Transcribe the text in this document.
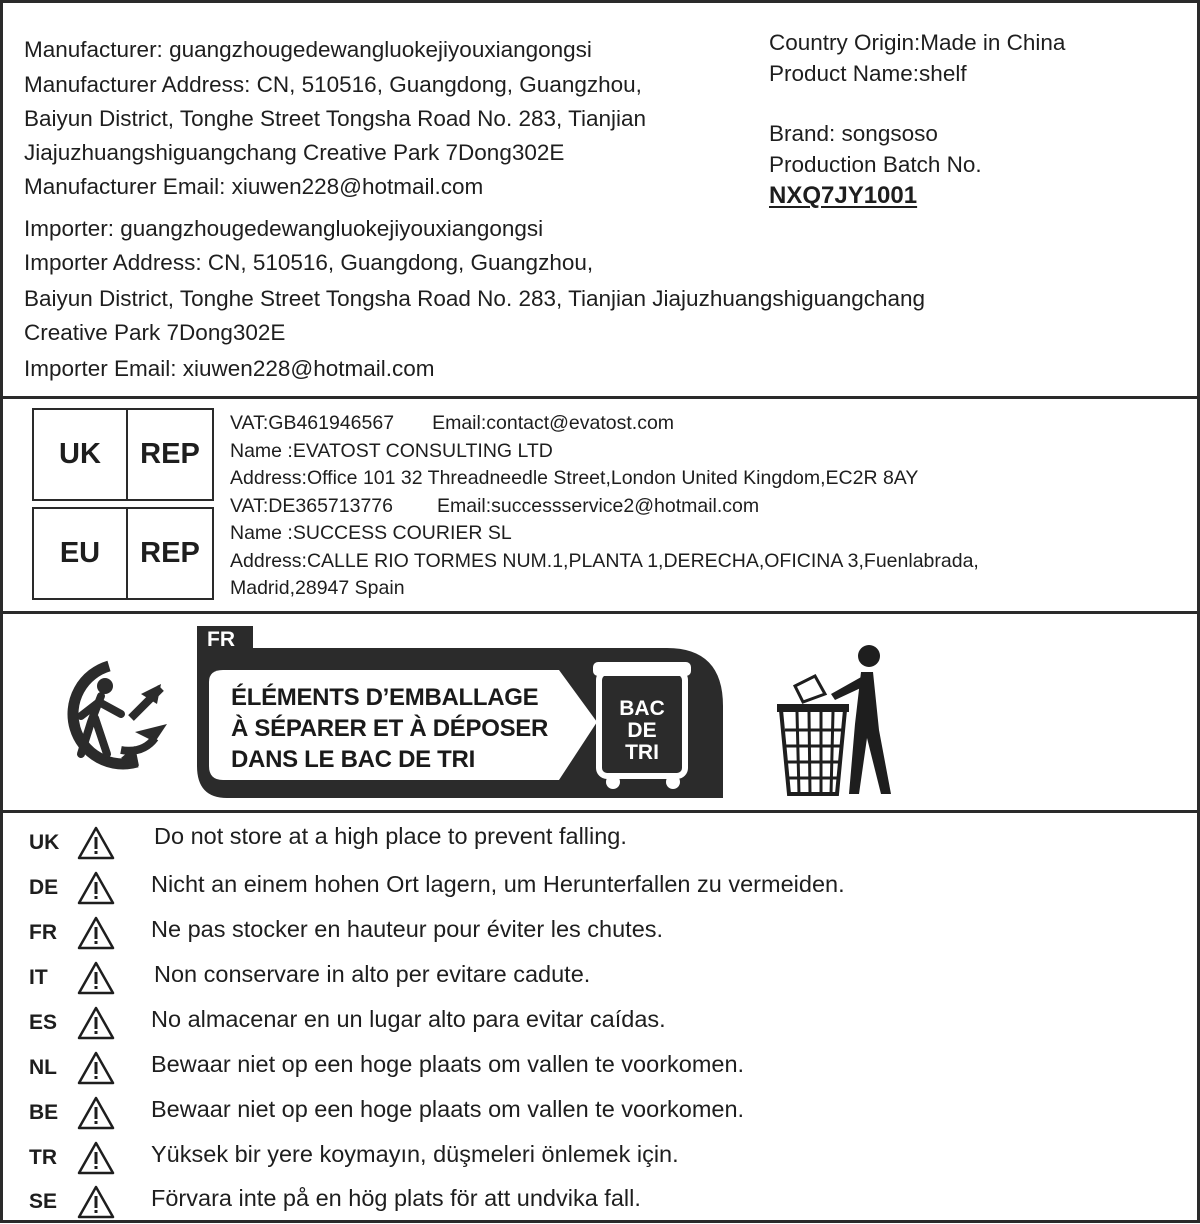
Manufacturer: guangzhougedewangluokejiyouxiangongsi
Manufacturer Address: CN, 510516, Guangdong, Guangzhou,
Baiyun District, Tonghe Street Tongsha Road No. 283, Tianjian
Jiajuzhuangshiguangchang Creative Park 7Dong302E
Manufacturer Email: xiuwen228@hotmail.com
Importer: guangzhougedewangluokejiyouxiangongsi
Importer Address: CN, 510516, Guangdong, Guangzhou,
Baiyun District, Tonghe Street Tongsha Road No. 283, Tianjian Jiajuzhuangshiguangchang
Creative Park 7Dong302E
Importer Email: xiuwen228@hotmail.com
Country Origin:Made in China
Product Name:shelf
Brand: songsoso
Production Batch No.
NXQ7JY1001
UK	REP
EU	REP
VAT:GB461946567 Email:contact@evatost.com
Name :EVATOST CONSULTING LTD
Address:Office 101 32 Threadneedle Street,London United Kingdom,EC2R 8AY
VAT:DE365713776 Email:successservice2@hotmail.com
Name :SUCCESS COURIER SL
Address:CALLE RIO TORMES NUM.1,PLANTA 1,DERECHA,OFICINA 3,Fuenlabrada,
Madrid,28947 Spain
FR
ÉLÉMENTS D’EMBALLAGE
À SÉPARER ET À DÉPOSER
DANS LE BAC DE TRI
BAC
DE
TRI
UK	Do not store at a high place to prevent falling.
DE	Nicht an einem hohen Ort lagern, um Herunterfallen zu vermeiden.
FR	Ne pas stocker en hauteur pour éviter les chutes.
IT	Non conservare in alto per evitare cadute.
ES	No almacenar en un lugar alto para evitar caídas.
NL	Bewaar niet op een hoge plaats om vallen te voorkomen.
BE	Bewaar niet op een hoge plaats om vallen te voorkomen.
TR	Yüksek bir yere koymayın, düşmeleri önlemek için.
SE	Förvara inte på en hög plats för att undvika fall.
